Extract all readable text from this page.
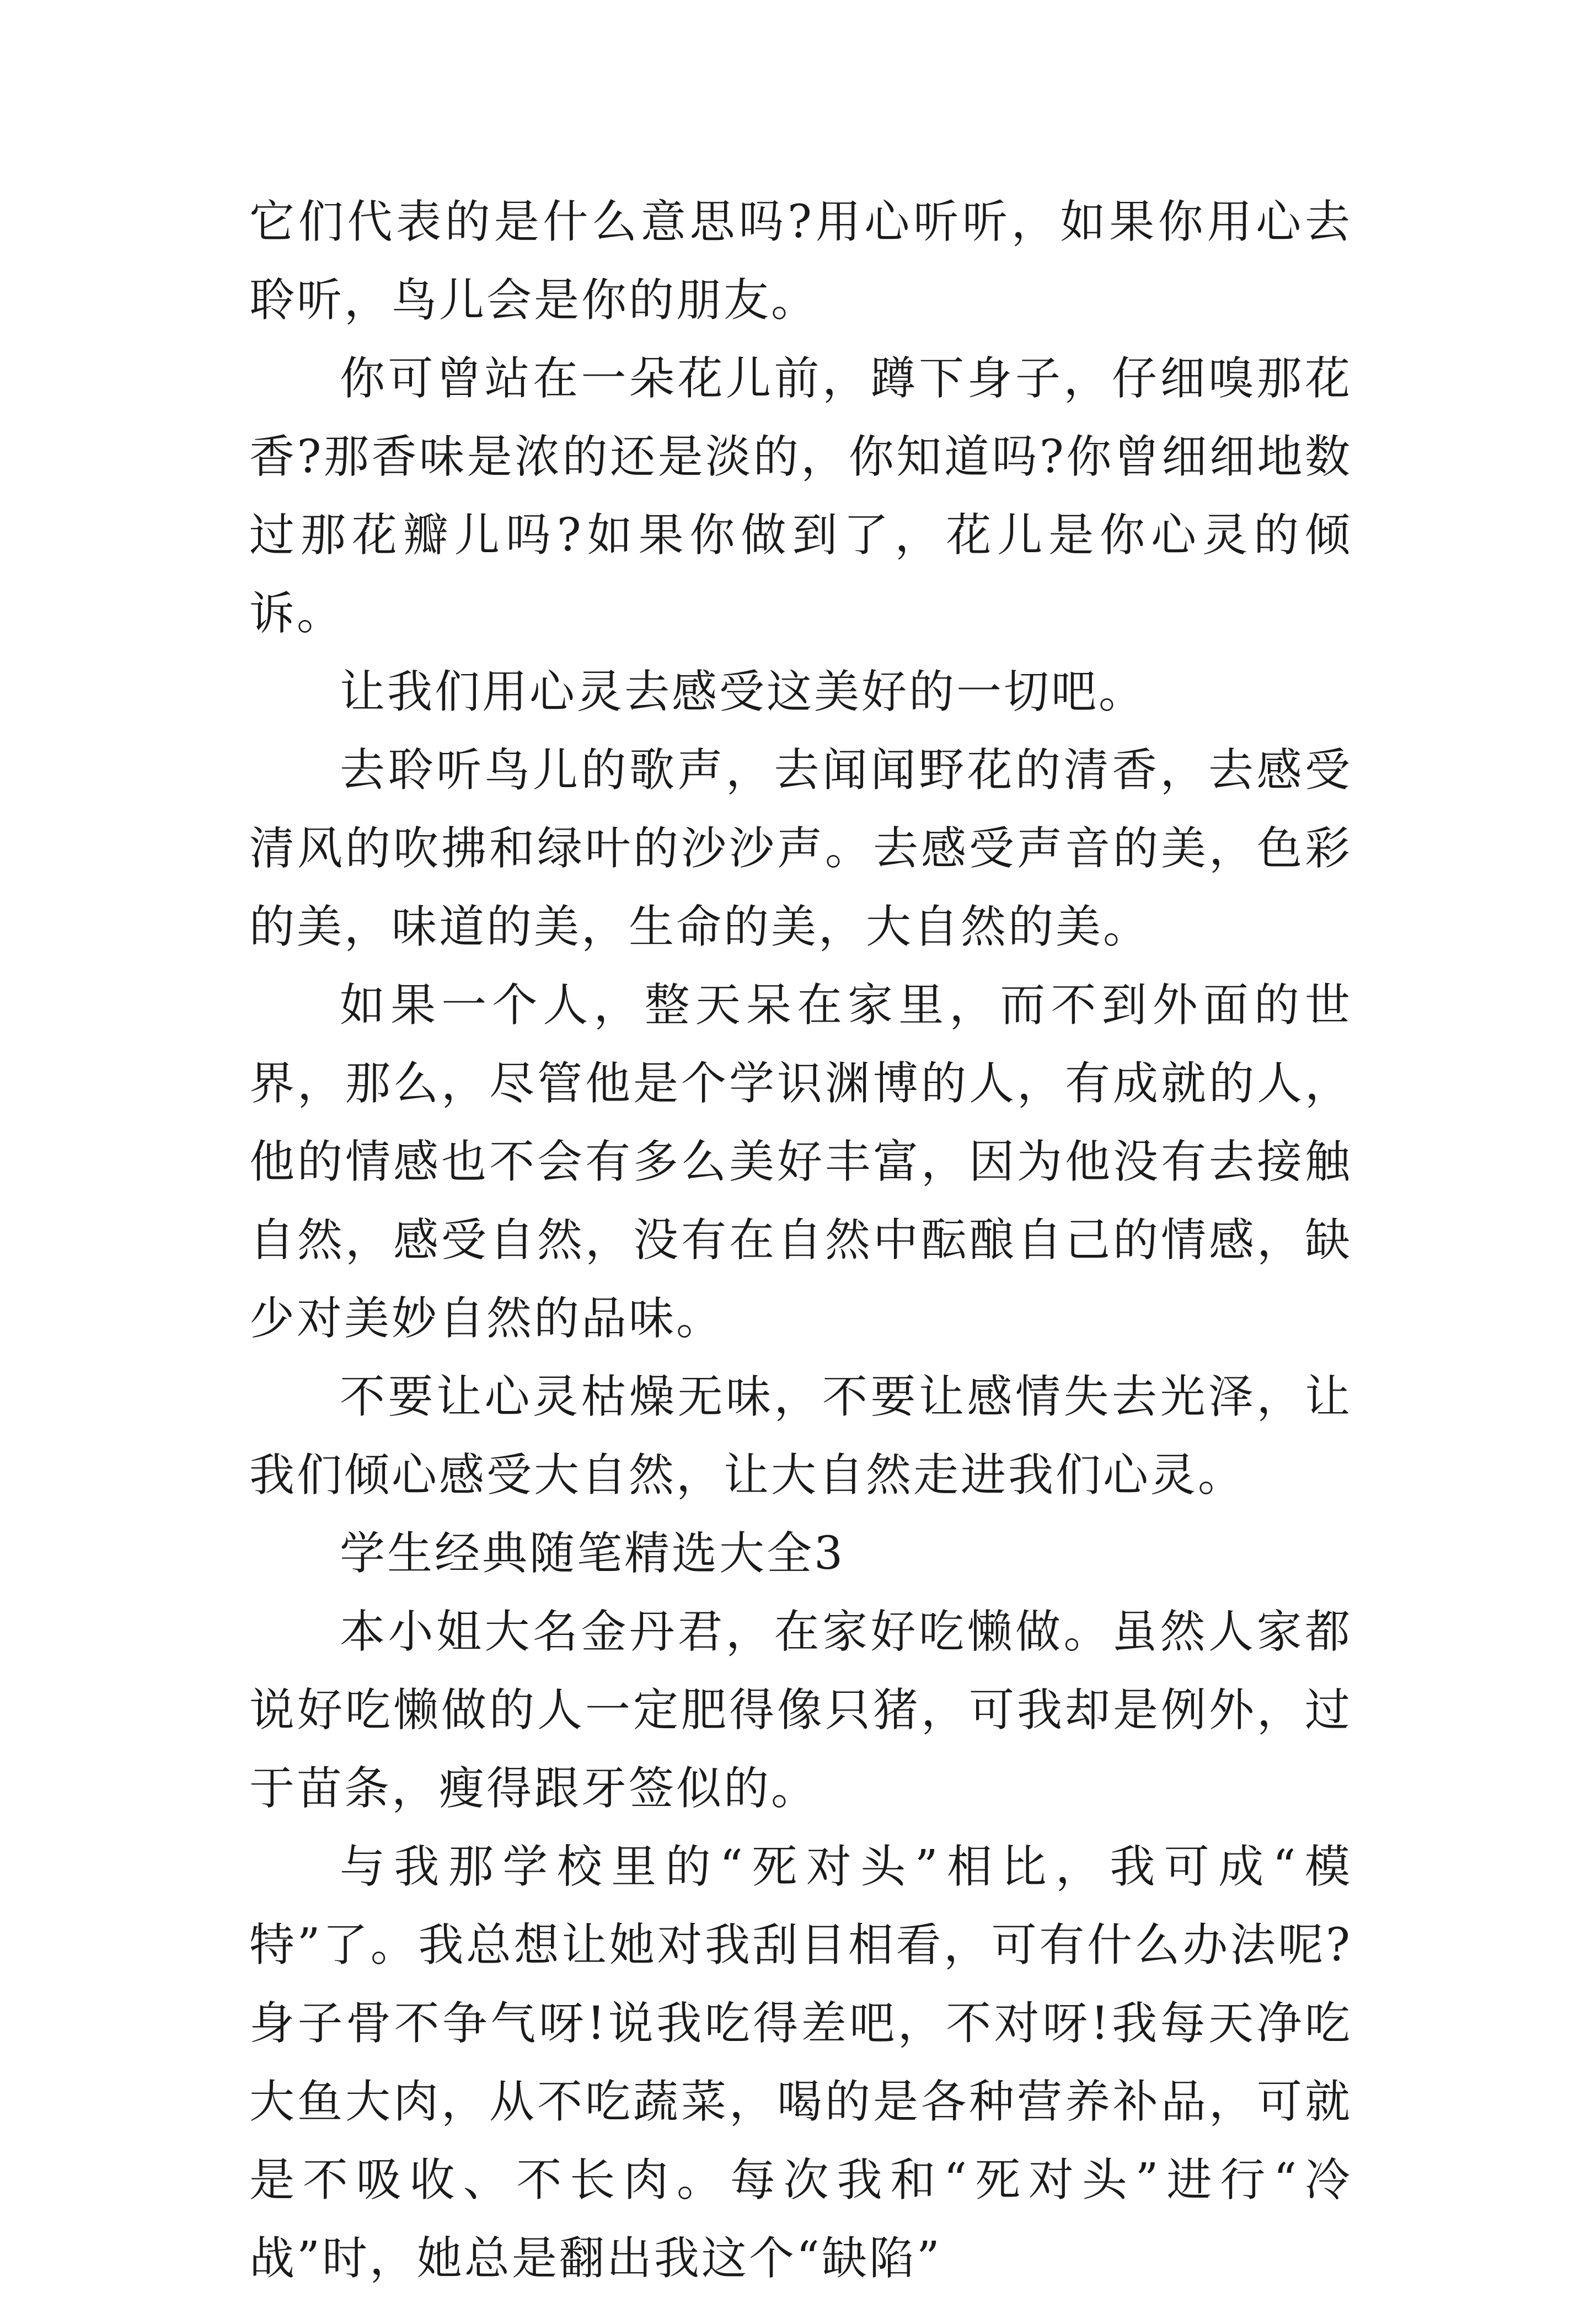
它们代表的是什么意思吗?用心听听，如果你用心去聆听，鸟儿会是你的朋友。

你可曾站在一朵花儿前，蹲下身子，仔细嗅那花香?那香味是浓的还是淡的，你知道吗?你曾细细地数过那花瓣儿吗?如果你做到了，花儿是你心灵的倾诉。

让我们用心灵去感受这美好的一切吧。

去聆听鸟儿的歌声，去闻闻野花的清香，去感受清风的吹拂和绿叶的沙沙声。去感受声音的美，色彩的美，味道的美，生命的美，大自然的美。

如果一个人，整天呆在家里，而不到外面的世界，那么，尽管他是个学识渊博的人，有成就的人，他的情感也不会有多么美好丰富，因为他没有去接触自然，感受自然，没有在自然中酝酿自己的情感，缺少对美妙自然的品味。

不要让心灵枯燥无味，不要让感情失去光泽，让我们倾心感受大自然，让大自然走进我们心灵。

学生经典随笔精选大全3

本小姐大名金丹君，在家好吃懒做。虽然人家都说好吃懒做的人一定肥得像只猪，可我却是例外，过于苗条，瘦得跟牙签似的。

与我那学校里的“死对头”相比，我可成“模特”了。我总想让她对我刮目相看，可有什么办法呢?身子骨不争气呀!说我吃得差吧，不对呀!我每天净吃大鱼大肉，从不吃蔬菜，喝的是各种营养补品，可就是不吸收、不长肉。每次我和“死对头”进行“冷战”时，她总是翻出我这个“缺陷”
